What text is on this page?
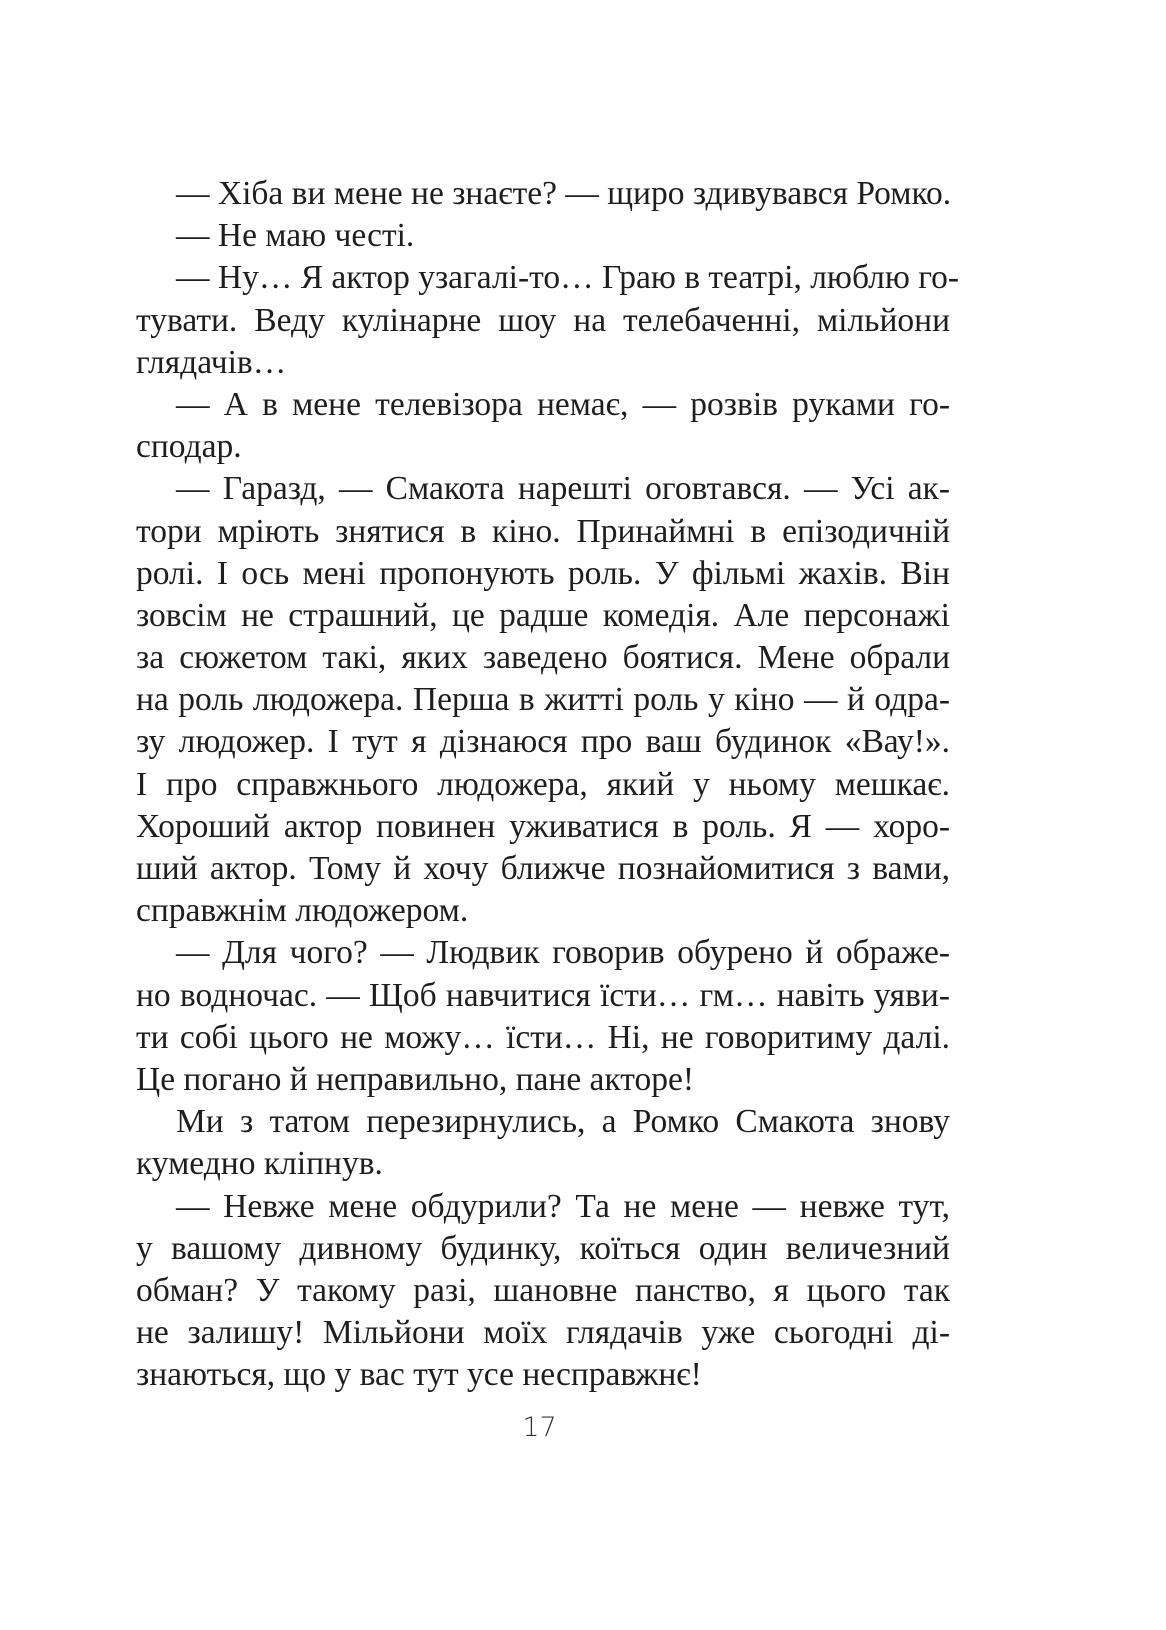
— Хіба ви мене не знаєте? — щиро здивувався Ромко.
— Не маю честі.
— Ну… Я актор узагалі-то… Граю в театрі, люблю го-
тувати. Веду кулінарне шоу на телебаченні, мільйони
глядачів…
— А в мене телевізора немає, — розвів руками го-
сподар.
— Гаразд, — Смакота нарешті оговтався. — Усі ак-
тори мріють знятися в кіно. Принаймні в епізодичній
ролі. І ось мені пропонують роль. У фільмі жахів. Він
зовсім не страшний, це радше комедія. Але персонажі
за сюжетом такі, яких заведено боятися. Мене обрали
на роль людожера. Перша в житті роль у кіно — й одра-
зу людожер. І тут я дізнаюся про ваш будинок «Вау!».
І про справжнього людожера, який у ньому мешкає.
Хороший актор повинен уживатися в роль. Я — хоро-
ший актор. Тому й хочу ближче познайомитися з вами,
справжнім людожером.
— Для чого? — Людвик говорив обурено й ображе-
но водночас. — Щоб навчитися їсти… гм… навіть уяви-
ти собі цього не можу… їсти… Ні, не говоритиму далі.
Це погано й неправильно, пане акторе!
Ми з татом перезирнулись, а Ромко Смакота знову
кумедно кліпнув.
— Невже мене обдурили? Та не мене — невже тут,
у вашому дивному будинку, коїться один величезний
обман? У такому разі, шановне панство, я цього так
не залишу! Мільйони моїх глядачів уже сьогодні ді-
знаються, що у вас тут усе несправжнє!
17
